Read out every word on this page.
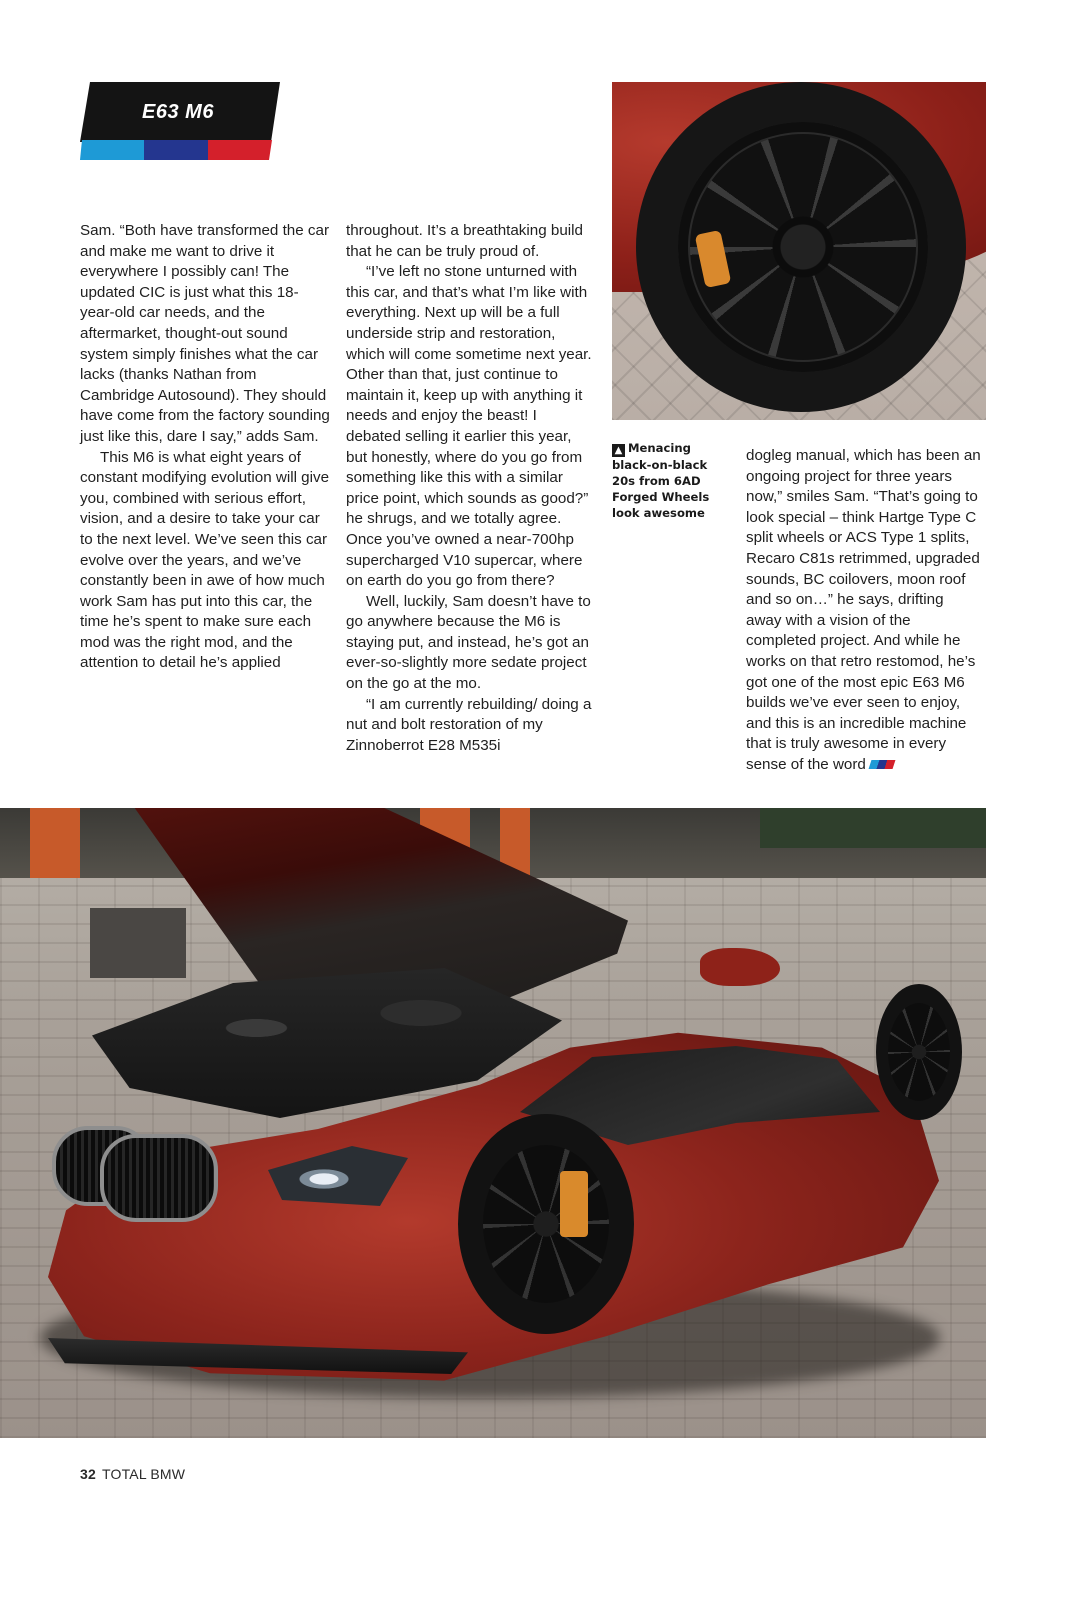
E63 M6

Sam. “Both have transformed the car and make me want to drive it everywhere I possibly can! The updated CIC is just what this 18-year-old car needs, and the aftermarket, thought-out sound system simply finishes what the car lacks (thanks Nathan from Cambridge Autosound). They should have come from the factory sounding just like this, dare I say,” adds Sam.

This M6 is what eight years of constant modifying evolution will give you, combined with serious effort, vision, and a desire to take your car to the next level. We’ve seen this car evolve over the years, and we’ve constantly been in awe of how much work Sam has put into this car, the time he’s spent to make sure each mod was the right mod, and the attention to detail he’s applied

throughout. It’s a breathtaking build that he can be truly proud of.

“I’ve left no stone unturned with this car, and that’s what I’m like with everything. Next up will be a full underside strip and restoration, which will come sometime next year. Other than that, just continue to maintain it, keep up with anything it needs and enjoy the beast! I debated selling it earlier this year, but honestly, where do you go from something like this with a similar price point, which sounds as good?” he shrugs, and we totally agree. Once you’ve owned a near-700hp supercharged V10 supercar, where on earth do you go from there?

Well, luckily, Sam doesn’t have to go anywhere because the M6 is staying put, and instead, he’s got an ever-so-slightly more sedate project on the go at the mo.

“I am currently rebuilding/ doing a nut and bolt restoration of my Zinnoberrot E28 M535i

▲ Menacing black-on-black 20s from 6AD Forged Wheels look awesome

dogleg manual, which has been an ongoing project for three years now,” smiles Sam. “That’s going to look special – think Hartge Type C split wheels or ACS Type 1 splits, Recaro C81s retrimmed, upgraded sounds, BC coilovers, moon roof and so on…” he says, drifting away with a vision of the completed project. And while he works on that retro restomod, he’s got one of the most epic E63 M6 builds we’ve ever seen to enjoy, and this is an incredible machine that is truly awesome in every sense of the word

32 TOTAL BMW
